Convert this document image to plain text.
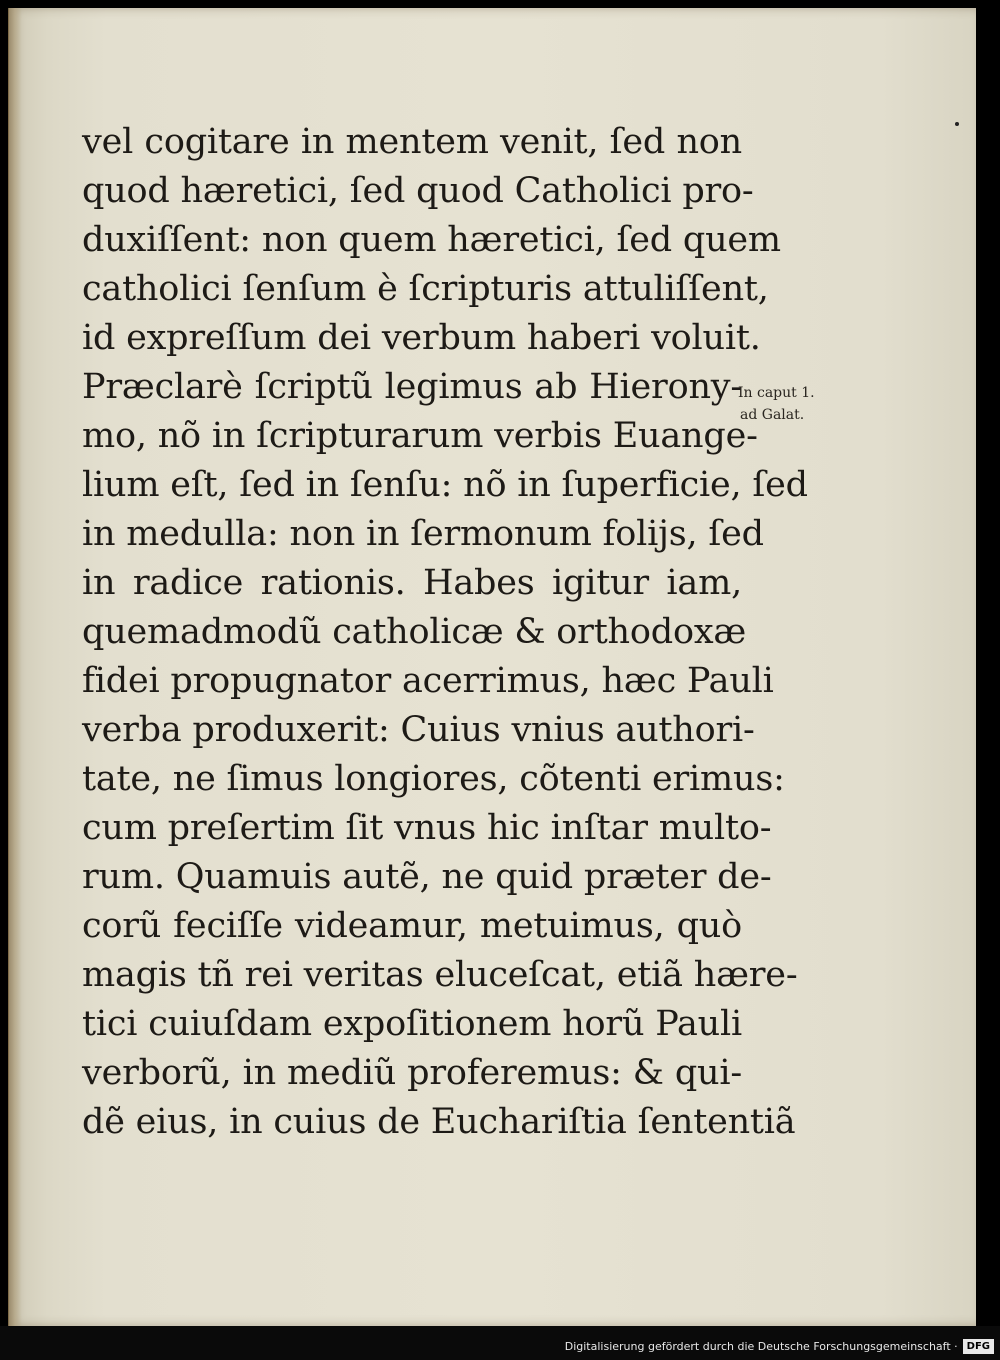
vel cogitare in mentem venit, ſed non
quod hæretici, ſed quod Catholici pro-
duxiſſent: non quem hæretici, ſed quem
catholici ſenſum è ſcripturis attuliſſent,
id expreſſum dei verbum haberi voluit.
Præclarè ſcriptũ legimus ab Hierony-
mo, nõ in ſcripturarum verbis Euange-
lium eſt, ſed in ſenſu: nõ in ſuperficie, ſed
in medulla: non in ſermonum folijs, ſed
in radice rationis. Habes igitur iam,
quemadmodũ catholicæ & orthodoxæ
fidei propugnator acerrimus, hæc Pauli
verba produxerit: Cuius vnius authori-
tate, ne ſimus longiores, cõtenti erimus:
cum preſertim ſit vnus hic inſtar multo-
rum. Quamuis autẽ, ne quid præter de-
corũ feciſſe videamur, metuimus, quò
magis tñ rei veritas eluceſcat, etiã hære-
tici cuiuſdam expoſitionem horũ Pauli
verborũ, in mediũ proferemus: & qui-
dẽ eius, in cuius de Euchariſtia ſententiã
In caput 1.
ad Galat.
Digitalisierung gefördert durch die Deutsche Forschungsgemeinschaft · DFG
